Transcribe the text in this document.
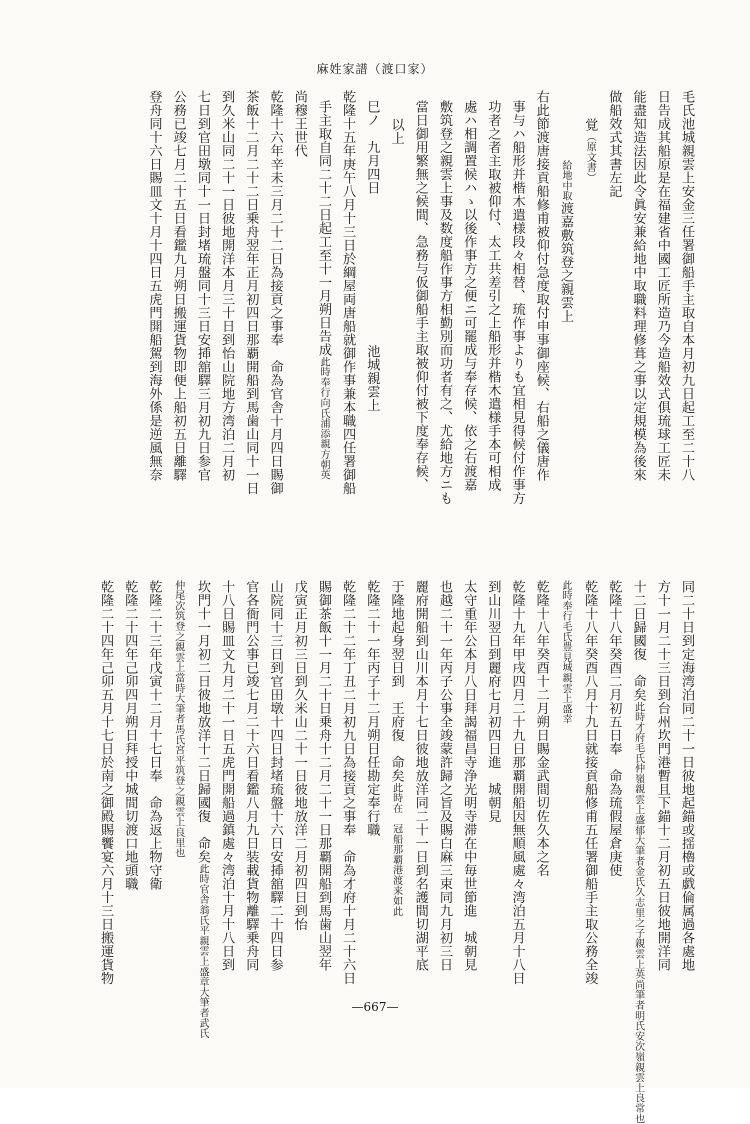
麻姓家譜（渡口家）
毛氏池城親雲上安金三任署御船手主取自本月初九日起工至二十八
日告成其船原是在福建省中國工匠所造乃今造船效式俱琉球工匠未
能盡知造法因此令眞安兼給地中取職料理修葺之事以定規模為後來
做船效式其書左記
覚（原文書）
給地中取渡嘉敷筑登之親雲上
右此節渡唐接貢船修甫被仰付急度取付申事御座候、右船之儀唐作
事与ハ船形并楷木遣様段々相替、琉作事よりも宜相見得候付作事方
功者之者主取被仰付、太工共差引之上船形并楷木遣様手本可相成
處ハ相調置候ハゝ以後作事方之便ニ可罷成与奉存候、依之右渡嘉
敷筑登之親雲上事及数度船作事方相勤別而功者有之、尤給地方ニも
當日御用繁無之候間、急務与仮御船手主取被仰付被下度奉存候、
以上
巳ノ　九月四日池城親雲上
乾隆十五年庚午八月十三日於綱屋両唐船就御作事兼本職四任署御船
手主取自同二十二日起工至十一月朔日告成此時奉行向氏浦添親方朝英
尚穆王世代
乾隆十六年辛未三月二十二日為接貢之事奉　命為官舎十月四日賜御
茶飯十二月二十二日乗舟翌年正月初四日那覇開船到馬歯山同十一日
到久米山同二十一日彼地開洋本月三十日到怡山院地方湾泊二月初
七日到官田墩同十一日封堵琉盤同十三日安揷舘驛三月初九日参官
公務已竣七月二十五日看鑑九月朔日搬運貨物即便上船初五日離驛
登舟同十六日賜皿文十月十四日五虎門開船駕到海外係是逆風無奈
同二十日到定海湾泊同二十一日彼地起錨或揺櫓或戯倫属過各處地
方十一月二十三日到台州坎門港暫且下錨十二月初五日彼地開洋同
十二日歸國復　命矣此時才府毛氏仲嶺親雲上盛郁大筆者金氏久志里之子親雲上英尚筆者明氏安次嶺親雲上良常也
乾隆十八年癸酉二月初五日奉　命為琉假屋倉庚使
乾隆十八年癸酉八月十九日就接貢船修甫五任署御船手主取公務全竣
此時奉行毛氏豊見城親雲上盛幸
乾隆十八年癸酉十二月朔日賜金武間切佐久本之名
乾隆十九年甲戌四月二十九日那覇開船因無順風處々湾泊五月十八日
到山川翌日到麗府七月初四日進　城朝見
太守重年公本月八日拜謁福昌寺浄光明寺滞在中毎世節進　城朝見
也越二十一年丙子公事全竣蒙許歸之旨及賜白麻三束同九月初三日
麗府開船到山川本月十七日彼地放洋同二十一日到名護間切湖平底
于隆地起身翌日到　王府復　命矣此時在　冠船那覇港渡来如此
乾隆二十一年丙子十二月朔日任勘定奉行職
乾隆二十二年丁丑二月初九日為接貢之事奉　命為才府十月二十六日
賜御茶飯十一月二十日乗舟十二月二十一日那覇開船到馬歯山翌年
戊寅正月初三日到久米山二十一日彼地放洋二月初四日到怡
山院同十三日到官田墩十四日封堵琉盤十六日安揷舘驛二十四日参
官各衙門公事已竣七月二十六日看鑑八月九日装載貨物離驛乗舟同
十八日賜皿文九月二十一日五虎門開船過鎮處々湾泊十月十八日到
坎門十一月初二日彼地放洋十二日歸國復　命矣此時官舎翁氏平親雲上盛章大筆者武氏
仲尾次筑登之親雲上當時大筆者馬氏宮平筑登之親雲上良里也
乾隆二十三年戊寅十二月十七日奉　命為返上物守衛
乾隆二十四年己卯四月朔日拜授中城間切渡口地頭職
乾隆二十四年己卯五月十七日於南之御殿賜饗宴六月十三日搬運貨物
—667—
